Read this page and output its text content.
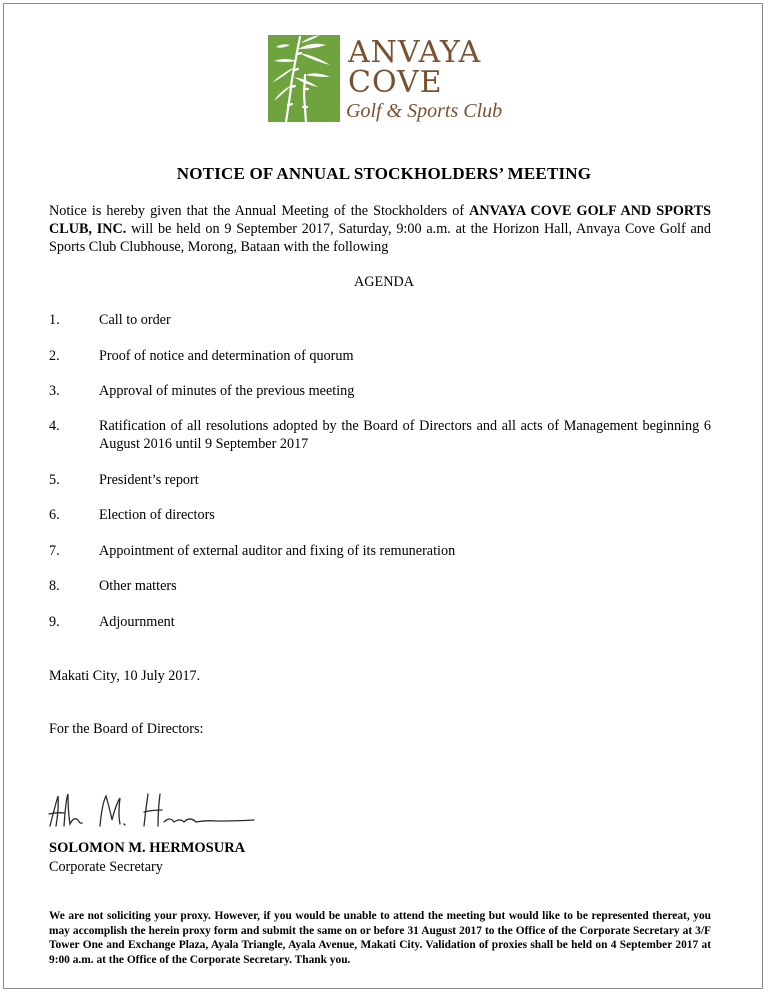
ANVAYA
COVE
Golf & Sports Club
NOTICE OF ANNUAL STOCKHOLDERS’ MEETING
Notice is hereby given that the Annual Meeting of the Stockholders of ANVAYA COVE GOLF AND SPORTS CLUB, INC. will be held on 9 September 2017, Saturday, 9:00 a.m. at the Horizon Hall, Anvaya Cove Golf and Sports Club Clubhouse, Morong, Bataan with the following
AGENDA
1.	Call to order
2.	Proof of notice and determination of quorum
3.	Approval of minutes of the previous meeting
4.	Ratification of all resolutions adopted by the Board of Directors and all acts of Management beginning 6 August 2016 until 9 September 2017
5.	President’s report
6.	Election of directors
7.	Appointment of external auditor and fixing of its remuneration
8.	Other matters
9.	Adjournment
Makati City, 10 July 2017.
For the Board of Directors:
SOLOMON M. HERMOSURA
Corporate Secretary
We are not soliciting your proxy. However, if you would be unable to attend the meeting but would like to be represented thereat, you may accomplish the herein proxy form and submit the same on or before 31 August 2017 to the Office of the Corporate Secretary at 3/F Tower One and Exchange Plaza, Ayala Triangle, Ayala Avenue, Makati City. Validation of proxies shall be held on 4 September 2017 at 9:00 a.m. at the Office of the Corporate Secretary. Thank you.
